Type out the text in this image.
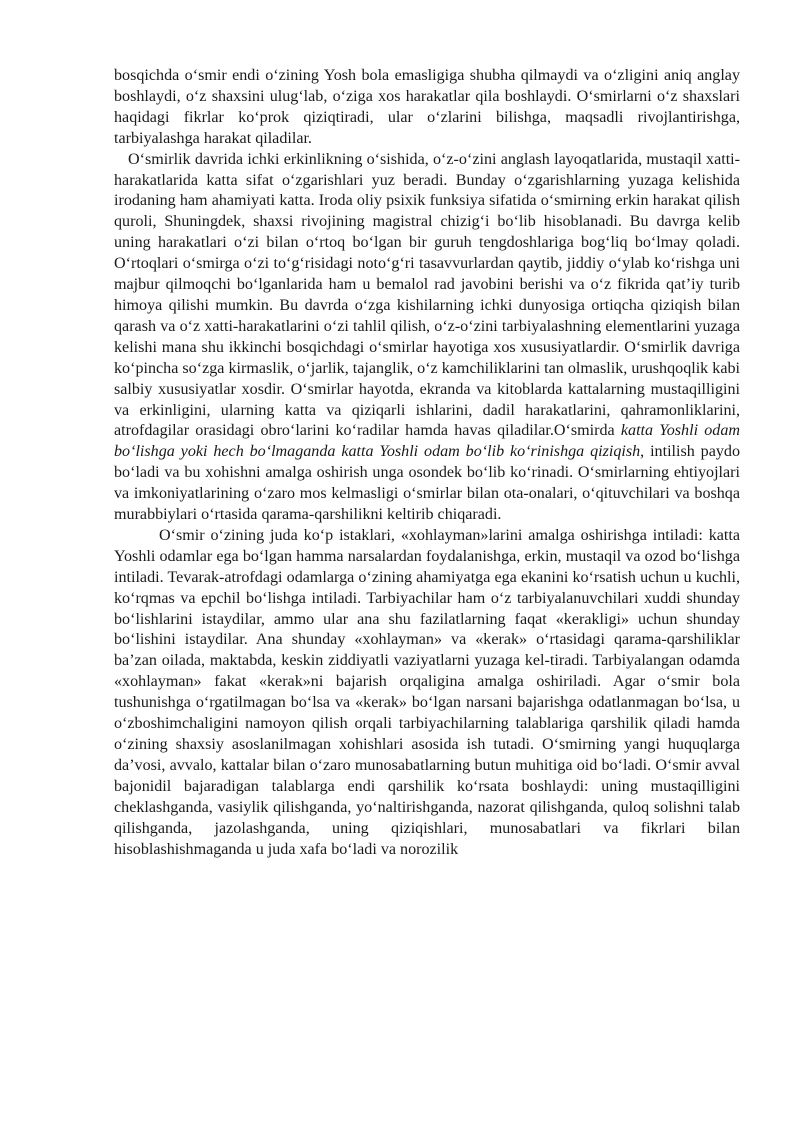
bosqichda o‘smir endi o‘zining Yosh bola emasligiga shubha qilmaydi va o‘zligini aniq anglay boshlaydi, o‘z shaxsini ulug‘lab, o‘ziga xos harakatlar qila boshlaydi. O‘smirlarni o‘z shaxslari haqidagi fikrlar ko‘prok qiziqtiradi, ular o‘zlarini bilishga, maqsadli rivojlantirishga, tarbiyalashga harakat qiladilar.

O‘smirlik davrida ichki erkinlikning o‘sishida, o‘z-o‘zini anglash layoqatlarida, mustaqil xatti-harakatlarida katta sifat o‘zgarishlari yuz beradi. Bunday o‘zgarishlarning yuzaga kelishida irodaning ham ahamiyati katta. Iroda oliy psixik funksiya sifatida o‘smirning erkin harakat qilish quroli, Shuningdek, shaxsi rivojining magistral chizig‘i bo‘lib hisoblanadi. Bu davrga kelib uning harakatlari o‘zi bilan o‘rtoq bo‘lgan bir guruh tengdoshlariga bog‘liq bo‘lmay qoladi. O‘rtoqlari o‘smirga o‘zi to‘g‘risidagi noto‘g‘ri tasavvurlardan qaytib, jiddiy o‘ylab ko‘rishga uni majbur qilmoqchi bo‘lganlarida ham u bemalol rad javobini berishi va o‘z fikrida qat’iy turib himoya qilishi mumkin. Bu davrda o‘zga kishilarning ichki dunyosiga ortiqcha qiziqish bilan qarash va o‘z xatti-harakatlarini o‘zi tahlil qilish, o‘z-o‘zini tarbiyalashning elementlarini yuzaga kelishi mana shu ikkinchi bosqichdagi o‘smirlar hayotiga xos xususiyatlardir. O‘smirlik davriga ko‘pincha so‘zga kirmaslik, o‘jarlik, tajanglik, o‘z kamchiliklarini tan olmaslik, urushqoqlik kabi salbiy xususiyatlar xosdir. O‘smirlar hayotda, ekranda va kitoblarda kattalarning mustaqilligini va erkinligini, ularning katta va qiziqarli ishlarini, dadil harakatlarini, qahramonliklarini, atrofdagilar orasidagi obro‘larini ko‘radilar hamda havas qiladilar.O‘smirda katta Yoshli odam bo‘lishga yoki hech bo‘lmaganda katta Yoshli odam bo‘lib ko‘rinishga qiziqish, intilish paydo bo‘ladi va bu xohishni amalga oshirish unga osondek bo‘lib ko‘rinadi. O‘smirlarning ehtiyojlari va imkoniyatlarining o‘zaro mos kelmasligi o‘smirlar bilan ota-onalari, o‘qituvchilari va boshqa murabbiylari o‘rtasida qarama-qarshilikni keltirib chiqaradi.

O‘smir o‘zining juda ko‘p istaklari, «xohlayman»larini amalga oshirishga intiladi: katta Yoshli odamlar ega bo‘lgan hamma narsalardan foydalanishga, erkin, mustaqil va ozod bo‘lishga intiladi. Tevarak-atrofdagi odamlarga o‘zining ahamiyatga ega ekanini ko‘rsatish uchun u kuchli, ko‘rqmas va epchil bo‘lishga intiladi. Tarbiyachilar ham o‘z tarbiyalanuvchilari xuddi shunday bo‘lishlarini istaydilar, ammo ular ana shu fazilatlarning faqat «kerakligi» uchun shunday bo‘lishini istaydilar. Ana shunday «xohlayman» va «kerak» o‘rtasidagi qarama-qarshiliklar ba’zan oilada, maktabda, keskin ziddiyatli vaziyatlarni yuzaga kel-tiradi. Tarbiyalangan odamda «xohlayman» fakat «kerak»ni bajarish orqaligina amalga oshiriladi. Agar o‘smir bola tushunishga o‘rgatilmagan bo‘lsa va «kerak» bo‘lgan narsani bajarishga odatlanmagan bo‘lsa, u o‘zboshimchaligini namoyon qilish orqali tarbiyachilarning talablariga qarshilik qiladi hamda o‘zining shaxsiy asoslanilmagan xohishlari asosida ish tutadi. O‘smirning yangi huquqlarga da’vosi, avvalo, kattalar bilan o‘zaro munosabatlarning butun muhitiga oid bo‘ladi. O‘smir avval bajonidil bajaradigan talablarga endi qarshilik ko‘rsata boshlaydi: uning mustaqilligini cheklashganda, vasiylik qilishganda, yo‘naltirishganda, nazorat qilishganda, quloq solishni talab qilishganda, jazolashganda, uning qiziqishlari, munosabatlari va fikrlari bilan hisoblashishmaganda u juda xafa bo‘ladi va norozilik
